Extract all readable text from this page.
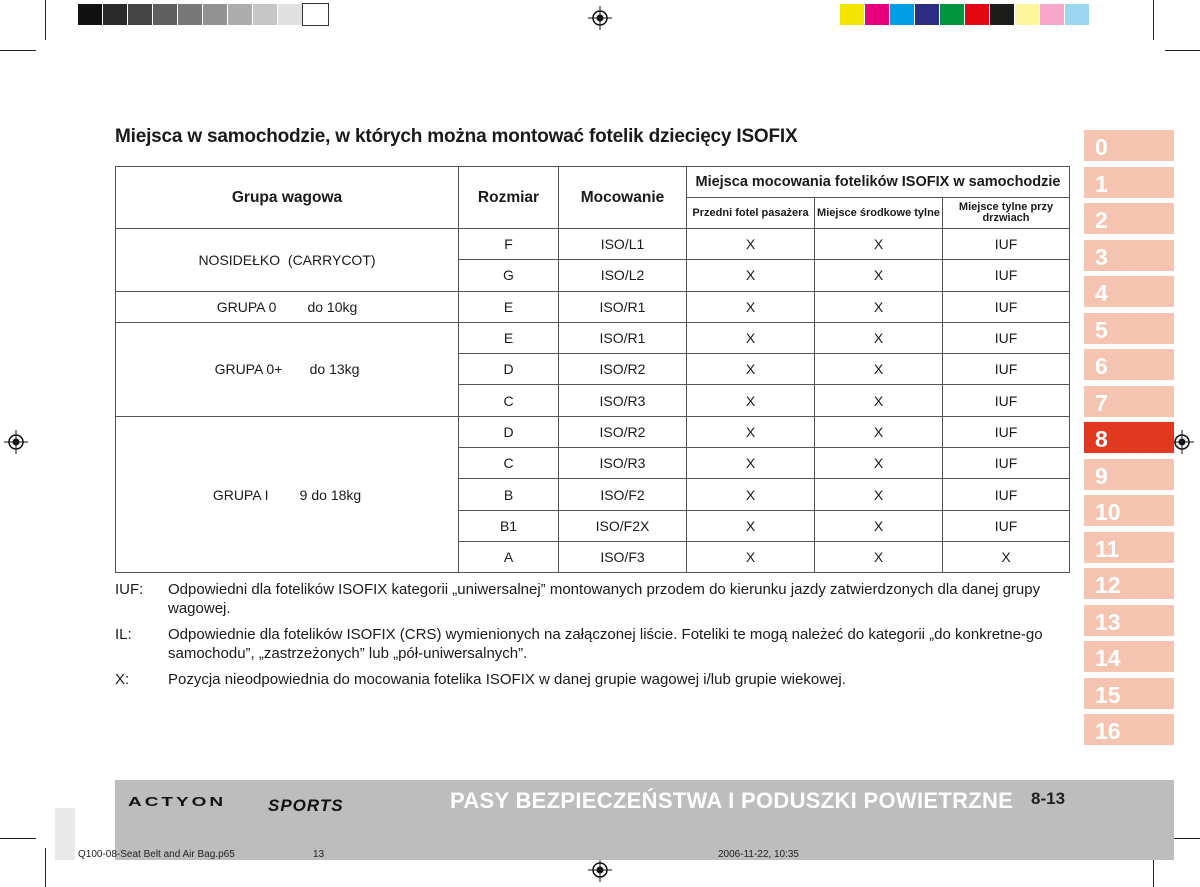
Miejsca w samochodzie, w których można montować fotelik dziecięcy ISOFIX
Grupa wagowa	Rozmiar	Mocowanie	Miejsca mocowania fotelików ISOFIX w samochodzie		
			Przedni fotel pasażera	Miejsce środkowe tylne	Miejsce tylne przy drzwiach
NOSIDEŁKO  (CARRYCOT)	F	ISO/L1	X	X	IUF
	G	ISO/L2	X	X	IUF
GRUPA 0        do 10kg	E	ISO/R1	X	X	IUF
GRUPA 0+       do 13kg	E	ISO/R1	X	X	IUF
	D	ISO/R2	X	X	IUF
	C	ISO/R3	X	X	IUF
GRUPA I        9 do 18kg	D	ISO/R2	X	X	IUF
	C	ISO/R3	X	X	IUF
	B	ISO/F2	X	X	IUF
	B1	ISO/F2X	X	X	IUF
	A	ISO/F3	X	X	X
IUF:	Odpowiedni dla fotelików ISOFIX kategorii „uniwersalnej” montowanych przodem do kierunku jazdy zatwierdzonych dla danej grupy wagowej.
IL:	Odpowiednie dla fotelików ISOFIX (CRS) wymienionych na załączonej liście. Foteliki te mogą należeć do kategorii „do konkretne-go samochodu”, „zastrzeżonych” lub „pół-uniwersalnych”.
X:	Pozycja nieodpowiednia do mocowania fotelika ISOFIX w danej grupie wagowej i/lub grupie wiekowej.
0
1
2
3
4
5
6
7
8
9
10
11
12
13
14
15
16
ACTYON SPORTS	PASY BEZPIECZEŃSTWA I PODUSZKI POWIETRZNE 8-13
Q100-08-Seat Belt and Air Bag.p65	13	2006-11-22, 10:35
